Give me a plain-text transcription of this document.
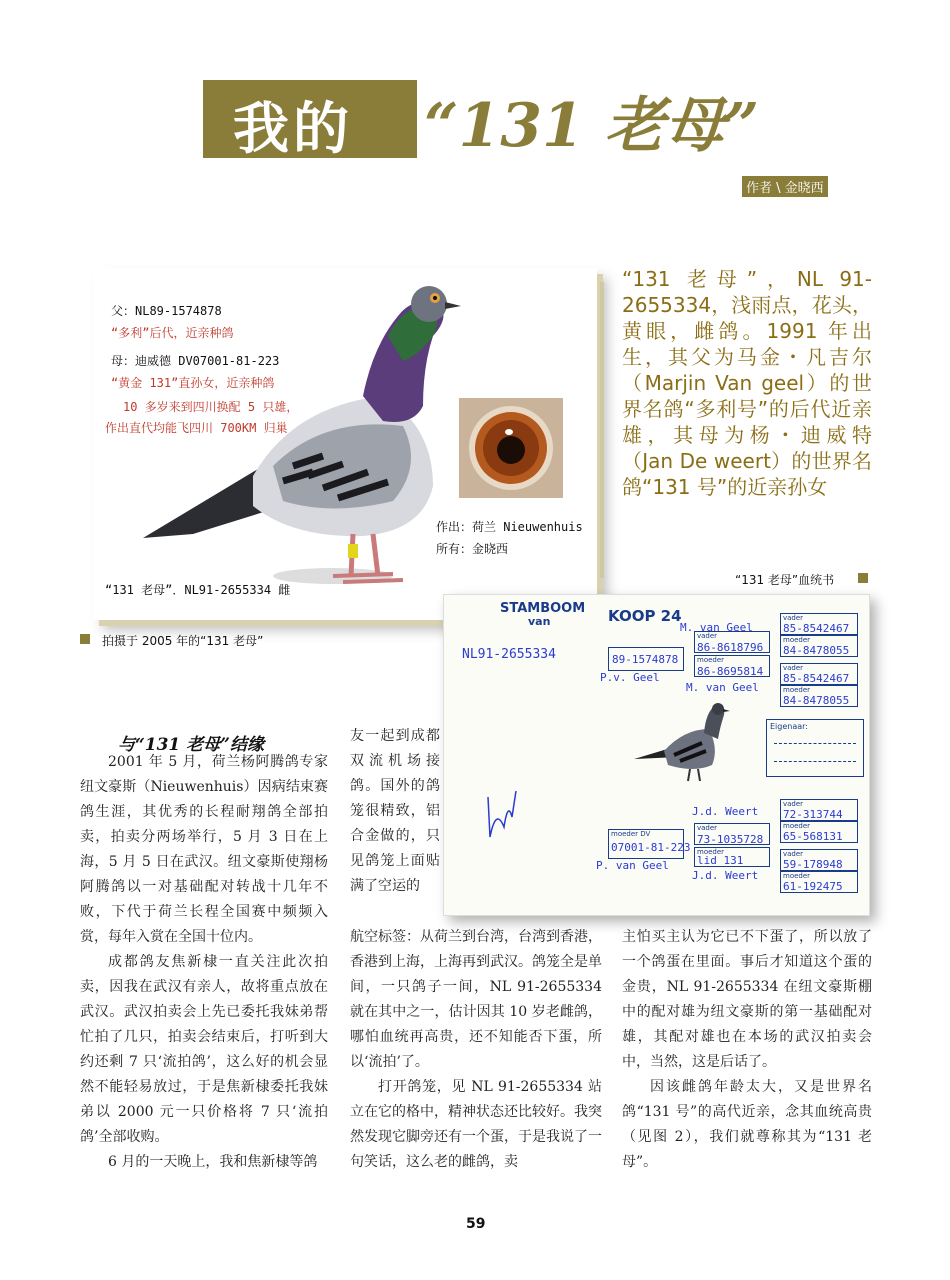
我的 “131 老母”
作者 \ 金晓西
父：NL89-1574878
“多利”后代，近亲种鸽
母：迪威德 DV07001-81-223
“黄金 131”直孙女，近亲种鸽
10 多岁来到四川换配 5 只雄，
作出直代均能飞四川 700KM 归巢
作出：荷兰 Nieuwenhuis
所有：金晓西
“131 老母”．NL91-2655334 雌
拍摄于 2005 年的“131 老母”
“131 老母”，NL 91-2655334，浅雨点，花头，黄眼，雌鸽。1991 年出生，其父为马金・凡吉尔（Marjin Van geel）的世界名鸽“多利号”的后代近亲雄，其母为杨・迪威特（Jan De weert）的世界名鸽“131 号”的近亲孙女
“131 老母”血统书
STAMBOOM
van	KOOP 24
NL91-2655334	89-1574878
P.v. Geel
vader
86-8618796
moeder
86-8695814
M. van Geel
M. van Geel
vader
85-8542467
moeder
84-8478055
vader
85-8542467
moeder
84-8478055
Eigenaar:
moeder DV
07001-81-223
P. van Geel
vader
73-1035728
moeder
lid 131
J.d. Weert
J.d. Weert
vader
72-313744
moeder
65-568131
vader
59-178948
moeder
61-192475
与“131 老母”结缘

2001 年 5 月，荷兰杨阿腾鸽专家纽文豪斯（Nieuwenhuis）因病结束赛鸽生涯，其优秀的长程耐翔鸽全部拍卖，拍卖分两场举行，5 月 3 日在上海，5 月 5 日在武汉。纽文豪斯使翔杨阿腾鸽以一对基础配对转战十几年不败，下代于荷兰长程全国赛中频频入赏，每年入赏在全国十位内。

成都鸽友焦新棣一直关注此次拍卖，因我在武汉有亲人，故将重点放在武汉。武汉拍卖会上先已委托我妹弟帮忙拍了几只，拍卖会结束后，打听到大约还剩 7 只‘流拍鸽’，这么好的机会显然不能轻易放过，于是焦新棣委托我妹弟以 2000 元一只价格将 7 只‘流拍鸽’全部收购。

6 月的一天晚上，我和焦新棣等鸽

友一起到成都双流机场接鸽。国外的鸽笼很精致，铝合金做的，只见鸽笼上面贴满了空运的

航空标签：从荷兰到台湾，台湾到香港，香港到上海，上海再到武汉。鸽笼全是单间，一只鸽子一间，NL 91-2655334 就在其中之一，估计因其 10 岁老雌鸽，哪怕血统再高贵，还不知能否下蛋，所以‘流拍’了。

打开鸽笼，见 NL 91-2655334 站立在它的格中，精神状态还比较好。我突然发现它脚旁还有一个蛋，于是我说了一句笑话，这么老的雌鸽，卖

主怕买主认为它已不下蛋了，所以放了一个鸽蛋在里面。事后才知道这个蛋的金贵，NL 91-2655334 在纽文豪斯棚中的配对雄为纽文豪斯的第一基础配对雄，其配对雄也在本场的武汉拍卖会中，当然，这是后话了。

因该雌鸽年龄太大，又是世界名鸽“131 号”的高代近亲，念其血统高贵（见图 2），我们就尊称其为“131 老母”。

59
